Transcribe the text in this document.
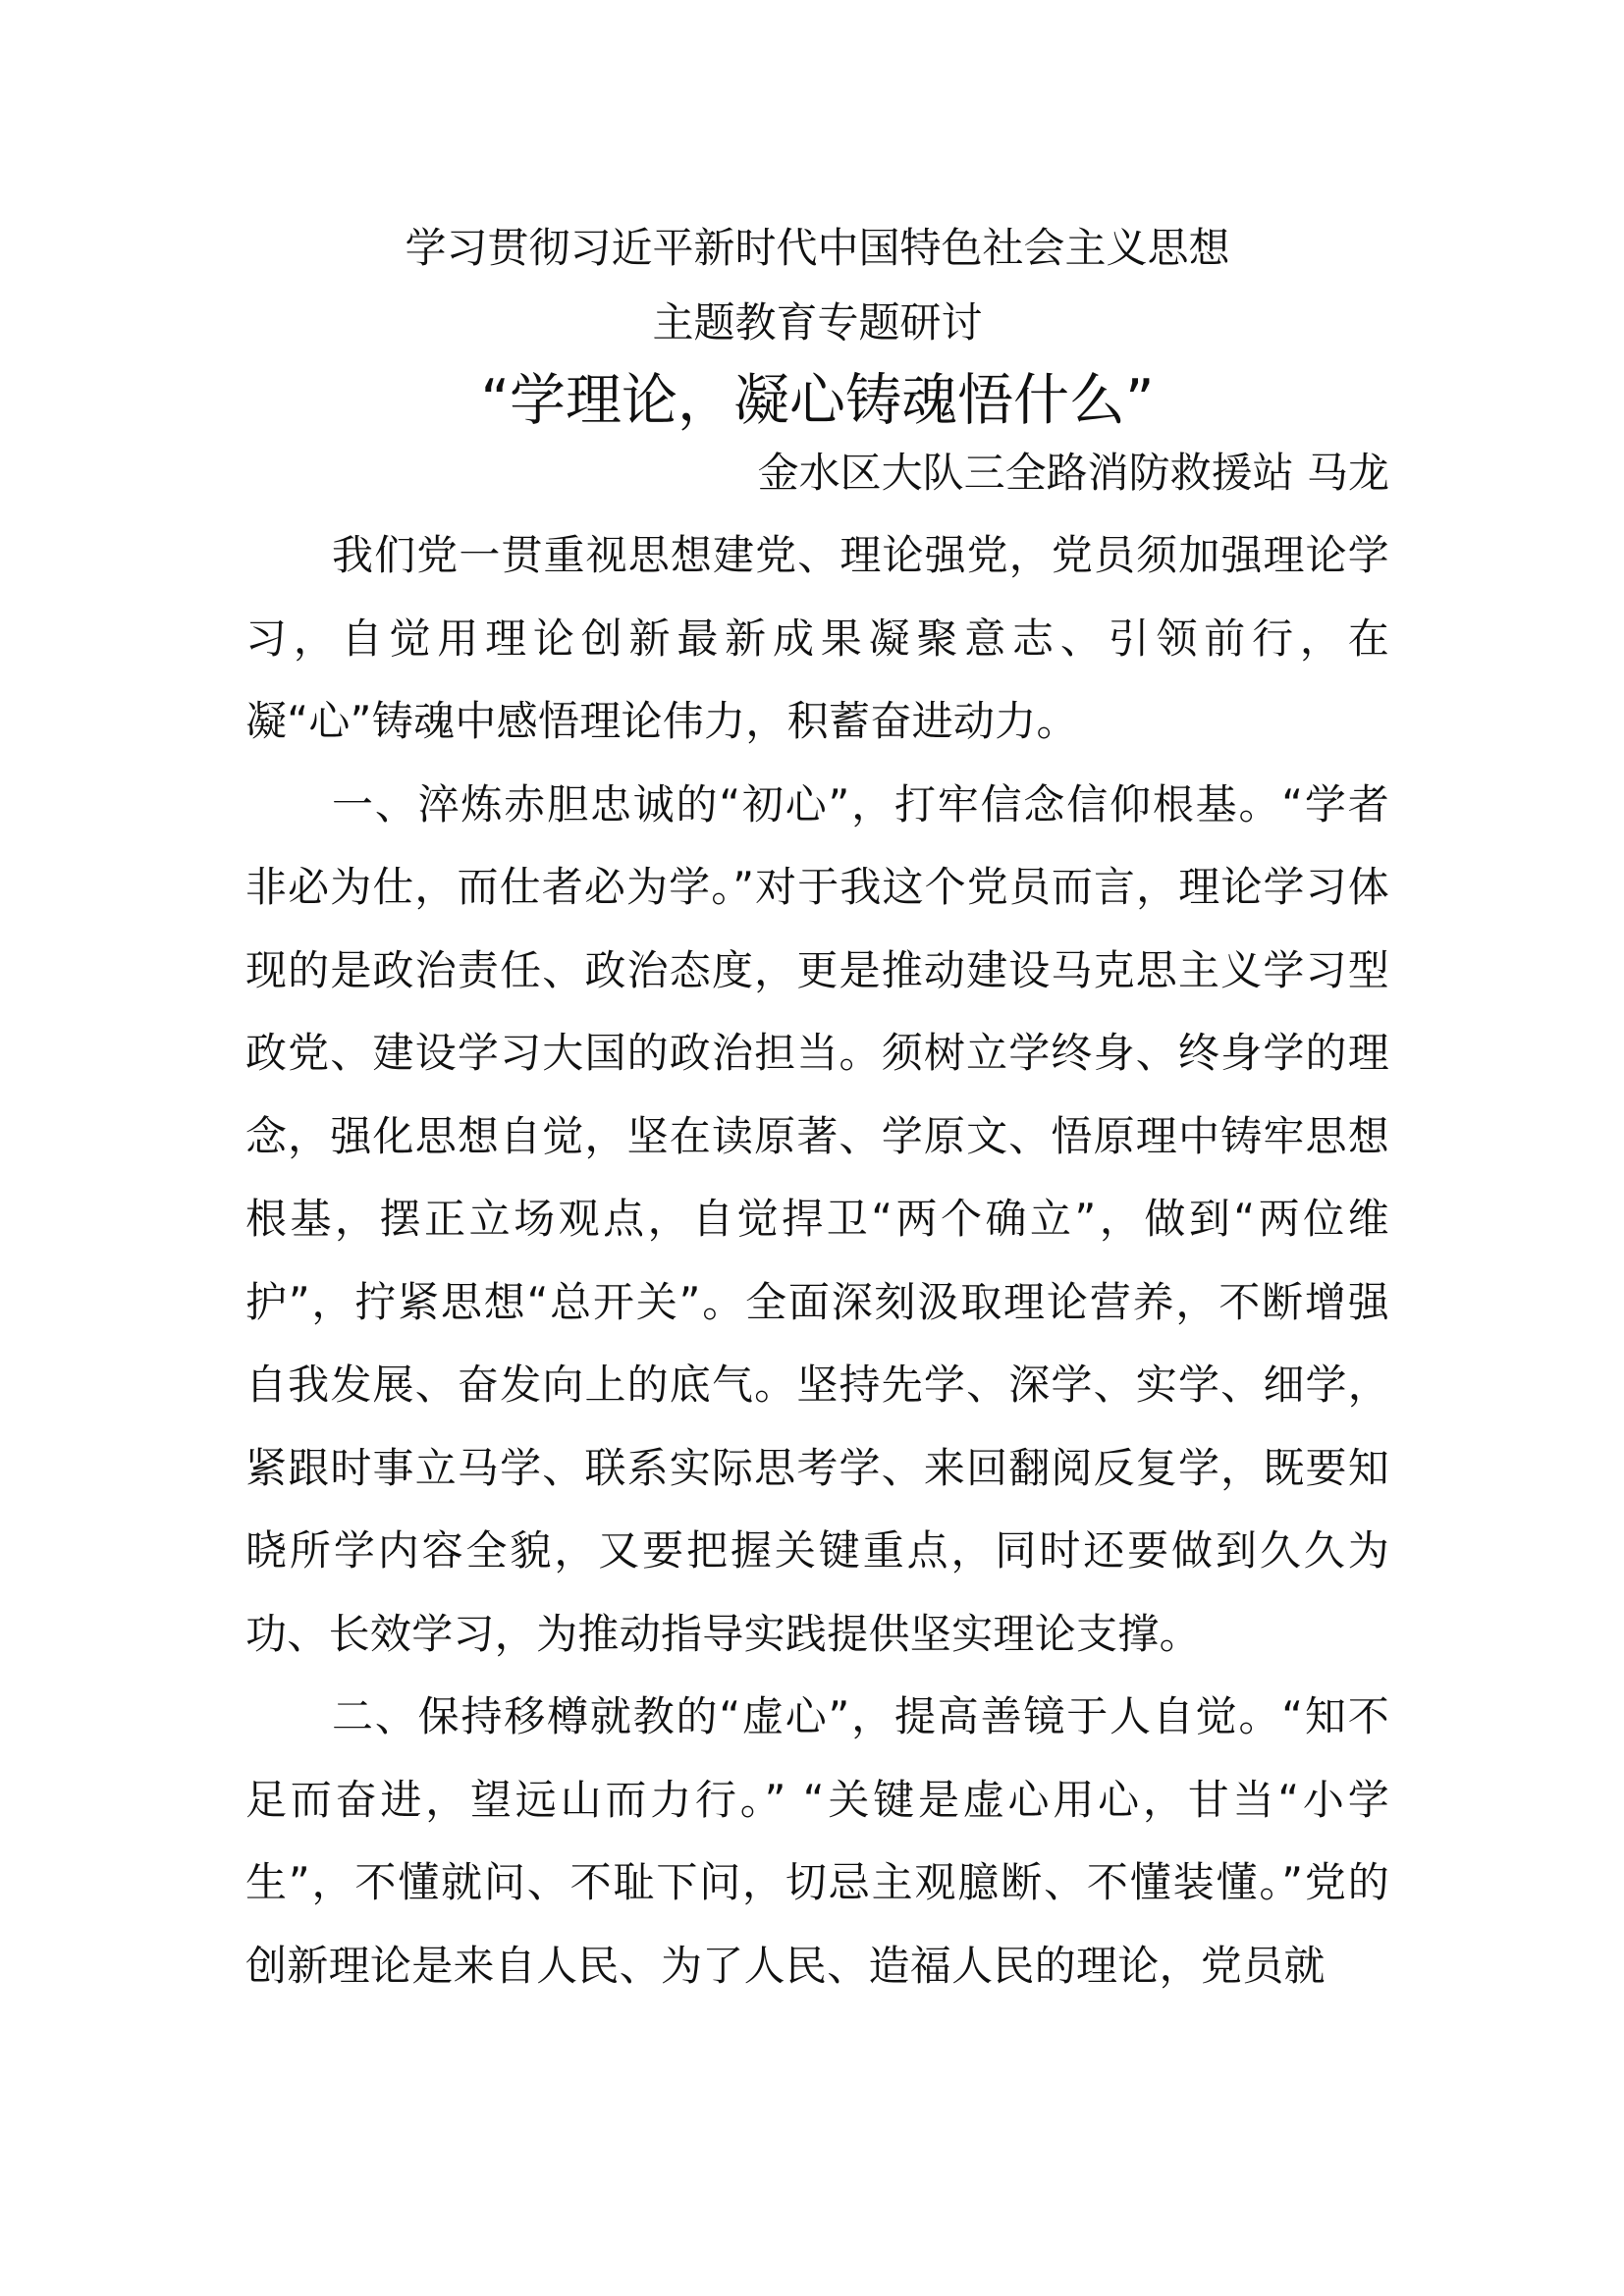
学习贯彻习近平新时代中国特色社会主义思想

主题教育专题研讨

“学理论，凝心铸魂悟什么”

金水区大队三全路消防救援站 马龙

我们党一贯重视思想建党、理论强党，党员须加强理论学习，自觉用理论创新最新成果凝聚意志、引领前行，在凝“心”铸魂中感悟理论伟力，积蓄奋进动力。

一、淬炼赤胆忠诚的“初心”，打牢信念信仰根基。“学者非必为仕，而仕者必为学。”对于我这个党员而言，理论学习体现的是政治责任、政治态度，更是推动建设马克思主义学习型政党、建设学习大国的政治担当。须树立学终身、终身学的理念，强化思想自觉，坚在读原著、学原文、悟原理中铸牢思想根基，摆正立场观点，自觉捍卫“两个确立”，做到“两位维护”，拧紧思想“总开关”。全面深刻汲取理论营养，不断增强自我发展、奋发向上的底气。坚持先学、深学、实学、细学，紧跟时事立马学、联系实际思考学、来回翻阅反复学，既要知晓所学内容全貌，又要把握关键重点，同时还要做到久久为功、长效学习，为推动指导实践提供坚实理论支撑。

二、保持移樽就教的“虚心”，提高善镜于人自觉。“知不足而奋进，望远山而力行。” “关键是虚心用心，甘当“小学生”，不懂就问、不耻下问，切忌主观臆断、不懂装懂。”党的创新理论是来自人民、为了人民、造福人民的理论，党员就
